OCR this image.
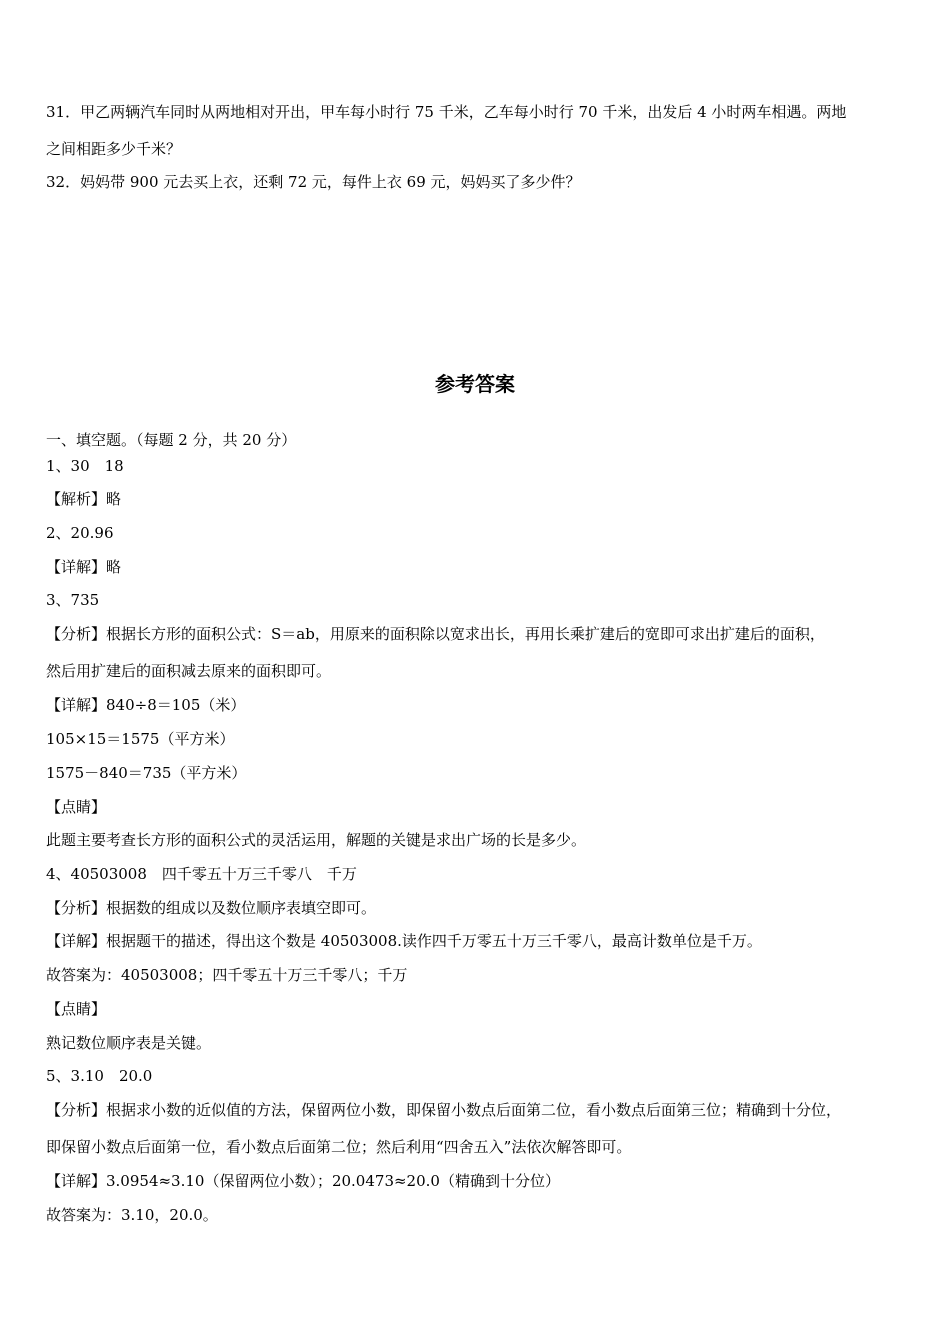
31．甲乙两辆汽车同时从两地相对开出，甲车每小时行 75 千米，乙车每小时行 70 千米，出发后 4 小时两车相遇。两地
之间相距多少千米？
32．妈妈带 900 元去买上衣，还剩 72 元，每件上衣 69 元，妈妈买了多少件？
参考答案
一、填空题。（每题 2 分，共 20 分）
1、30　18
【解析】略
2、20.96
【详解】略
3、735
【分析】根据长方形的面积公式：S＝ab，用原来的面积除以宽求出长，再用长乘扩建后的宽即可求出扩建后的面积，
然后用扩建后的面积减去原来的面积即可。
【详解】840÷8＝105（米）
105×15＝1575（平方米）
1575－840＝735（平方米）
【点睛】
此题主要考查长方形的面积公式的灵活运用，解题的关键是求出广场的长是多少。
4、40503008　四千零五十万三千零八　千万
【分析】根据数的组成以及数位顺序表填空即可。
【详解】根据题干的描述，得出这个数是 40503008.读作四千万零五十万三千零八，最高计数单位是千万。
故答案为：40503008；四千零五十万三千零八；千万
【点睛】
熟记数位顺序表是关键。
5、3.10　20.0
【分析】根据求小数的近似值的方法，保留两位小数，即保留小数点后面第二位，看小数点后面第三位；精确到十分位，
即保留小数点后面第一位，看小数点后面第二位；然后利用“四舍五入”法依次解答即可。
【详解】3.0954≈3.10（保留两位小数）；20.0473≈20.0（精确到十分位）
故答案为：3.10，20.0。
